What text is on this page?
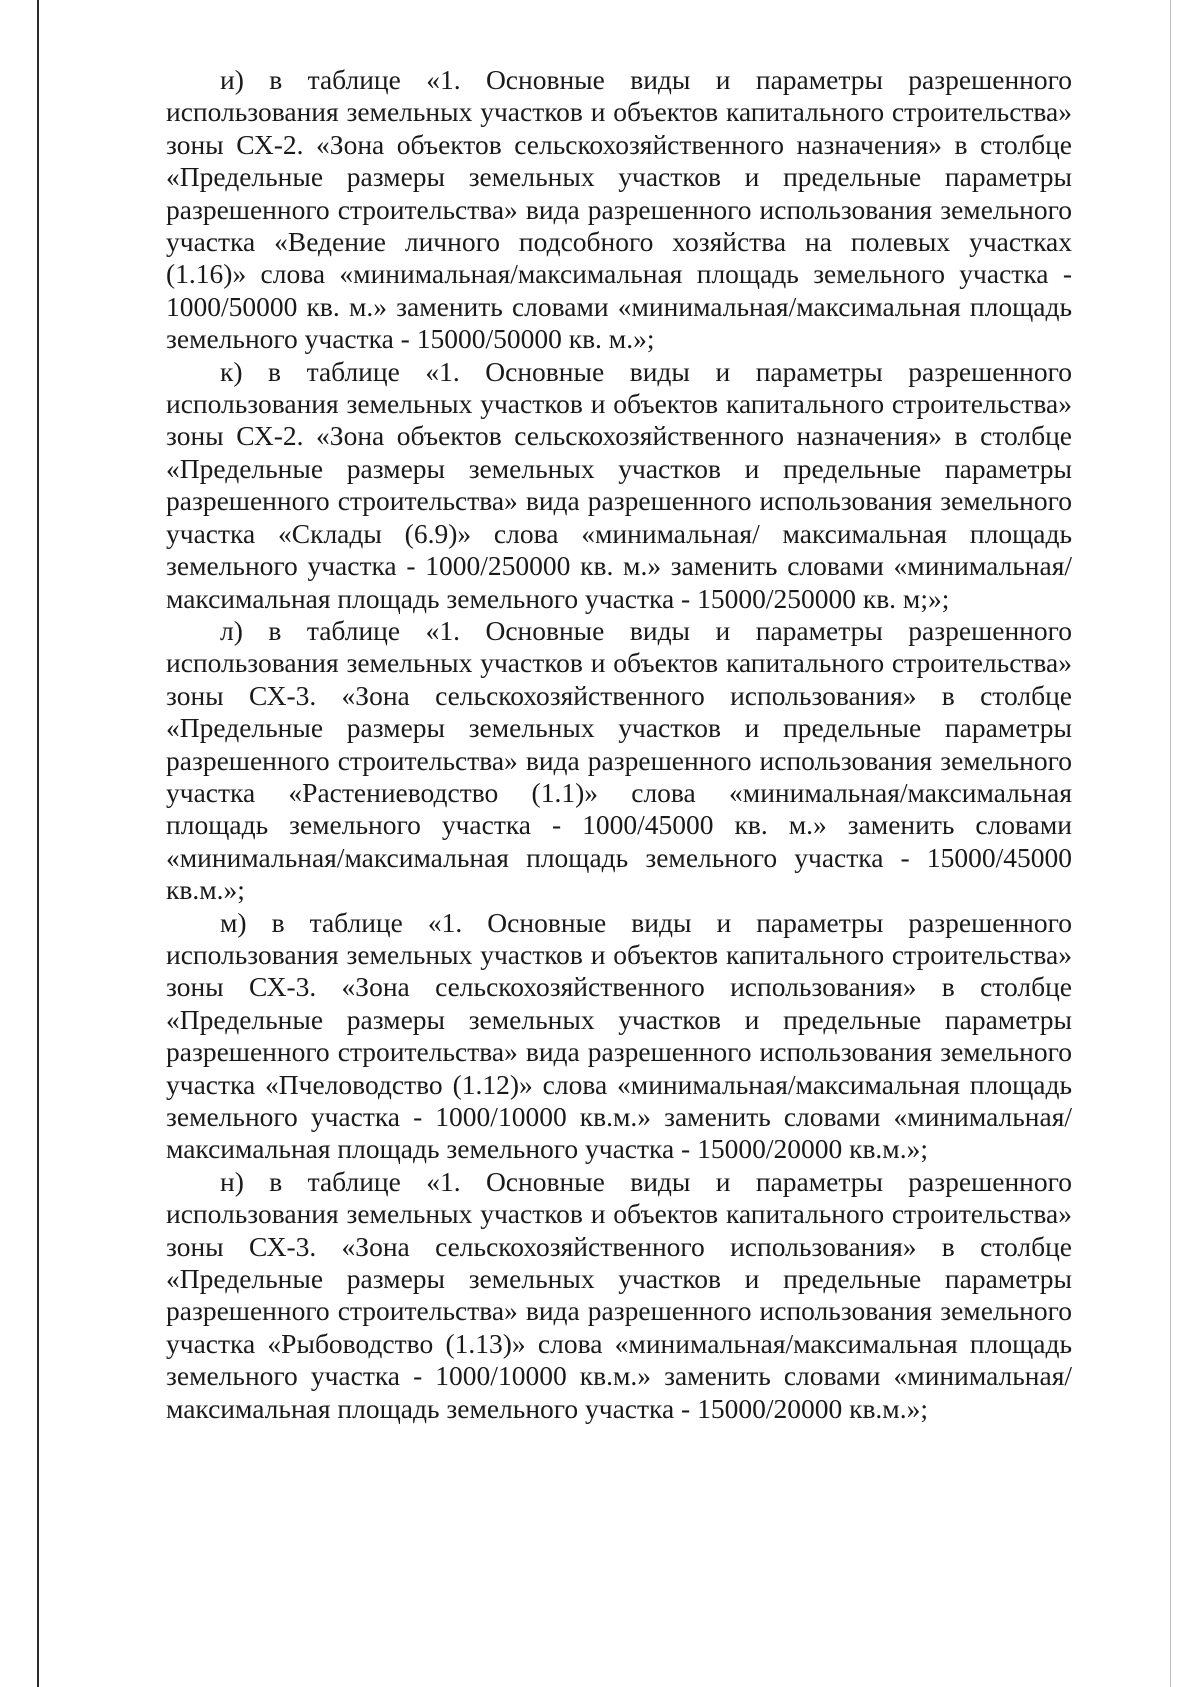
и) в таблице «1. Основные виды и параметры разрешенного использования земельных участков и объектов капитального строительства» зоны СХ-2. «Зона объектов сельскохозяйственного назначения» в столбце «Предельные размеры земельных участков и предельные параметры разрешенного строительства» вида разрешенного использования земельного участка «Ведение личного подсобного хозяйства на полевых участках (1.16)» слова «минимальная/максимальная площадь земельного участка - 1000/50000 кв. м.» заменить словами «минимальная/максимальная площадь земельного участка - 15000/50000 кв. м.»;

к) в таблице «1. Основные виды и параметры разрешенного использования земельных участков и объектов капитального строительства» зоны СХ-2. «Зона объектов сельскохозяйственного назначения» в столбце «Предельные размеры земельных участков и предельные параметры разрешенного строительства» вида разрешенного использования земельного участка «Склады (6.9)» слова «минимальная/ максимальная площадь земельного участка - 1000/250000 кв. м.» заменить словами «минимальная/максимальная площадь земельного участка - 15000/250000 кв. м;»;

л) в таблице «1. Основные виды и параметры разрешенного использования земельных участков и объектов капитального строительства» зоны СХ-3. «Зона сельскохозяйственного использования» в столбце «Предельные размеры земельных участков и предельные параметры разрешенного строительства» вида разрешенного использования земельного участка «Растениеводство (1.1)» слова «минимальная/максимальная площадь земельного участка - 1000/45000 кв. м.» заменить словами «минимальная/максимальная площадь земельного участка - 15000/45000 кв.м.»;

м) в таблице «1. Основные виды и параметры разрешенного использования земельных участков и объектов капитального строительства» зоны СХ-3. «Зона сельскохозяйственного использования» в столбце «Предельные размеры земельных участков и предельные параметры разрешенного строительства» вида разрешенного использования земельного участка «Пчеловодство (1.12)» слова «минимальная/максимальная площадь земельного участка - 1000/10000 кв.м.» заменить словами «минимальная/максимальная площадь земельного участка - 15000/20000 кв.м.»;

н) в таблице «1. Основные виды и параметры разрешенного использования земельных участков и объектов капитального строительства» зоны СХ-3. «Зона сельскохозяйственного использования» в столбце «Предельные размеры земельных участков и предельные параметры разрешенного строительства» вида разрешенного использования земельного участка «Рыбоводство (1.13)» слова «минимальная/максимальная площадь земельного участка - 1000/10000 кв.м.» заменить словами «минимальная/максимальная площадь земельного участка - 15000/20000 кв.м.»;
